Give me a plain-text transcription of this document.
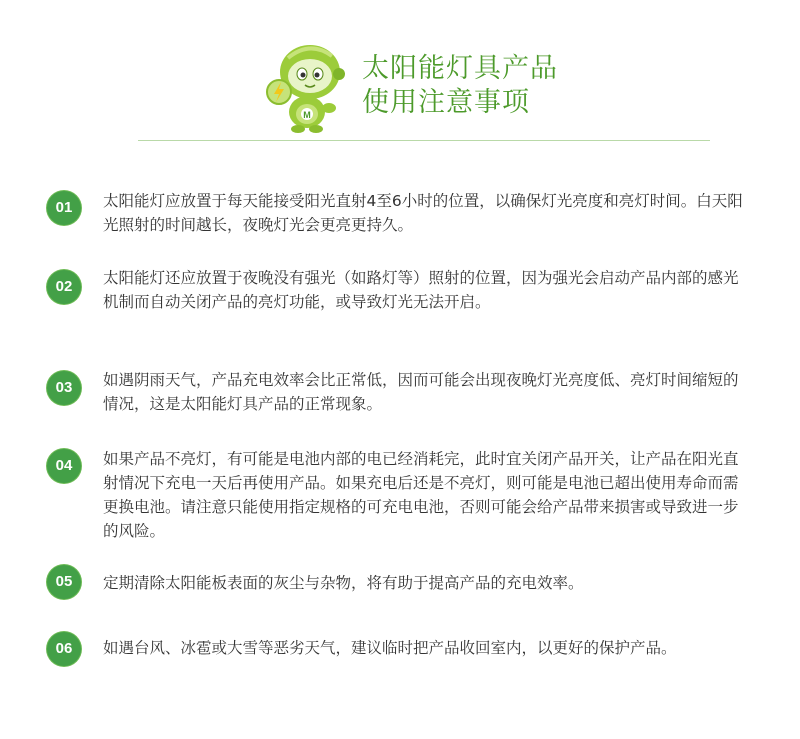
M
太阳能灯具产品
使用注意事项
01	太阳能灯应放置于每天能接受阳光直射4至6小时的位置，以确保灯光亮度和亮灯时间。白天阳光照射的时间越长，夜晚灯光会更亮更持久。
02	太阳能灯还应放置于夜晚没有强光（如路灯等）照射的位置，因为强光会启动产品内部的感光机制而自动关闭产品的亮灯功能，或导致灯光无法开启。
03	如遇阴雨天气，产品充电效率会比正常低，因而可能会出现夜晚灯光亮度低、亮灯时间缩短的情况，这是太阳能灯具产品的正常现象。
04	如果产品不亮灯，有可能是电池内部的电已经消耗完，此时宜关闭产品开关，让产品在阳光直射情况下充电一天后再使用产品。如果充电后还是不亮灯，则可能是电池已超出使用寿命而需更换电池。请注意只能使用指定规格的可充电电池，否则可能会给产品带来损害或导致进一步的风险。
05	定期清除太阳能板表面的灰尘与杂物，将有助于提高产品的充电效率。
06	如遇台风、冰雹或大雪等恶劣天气，建议临时把产品收回室内，以更好的保护产品。
